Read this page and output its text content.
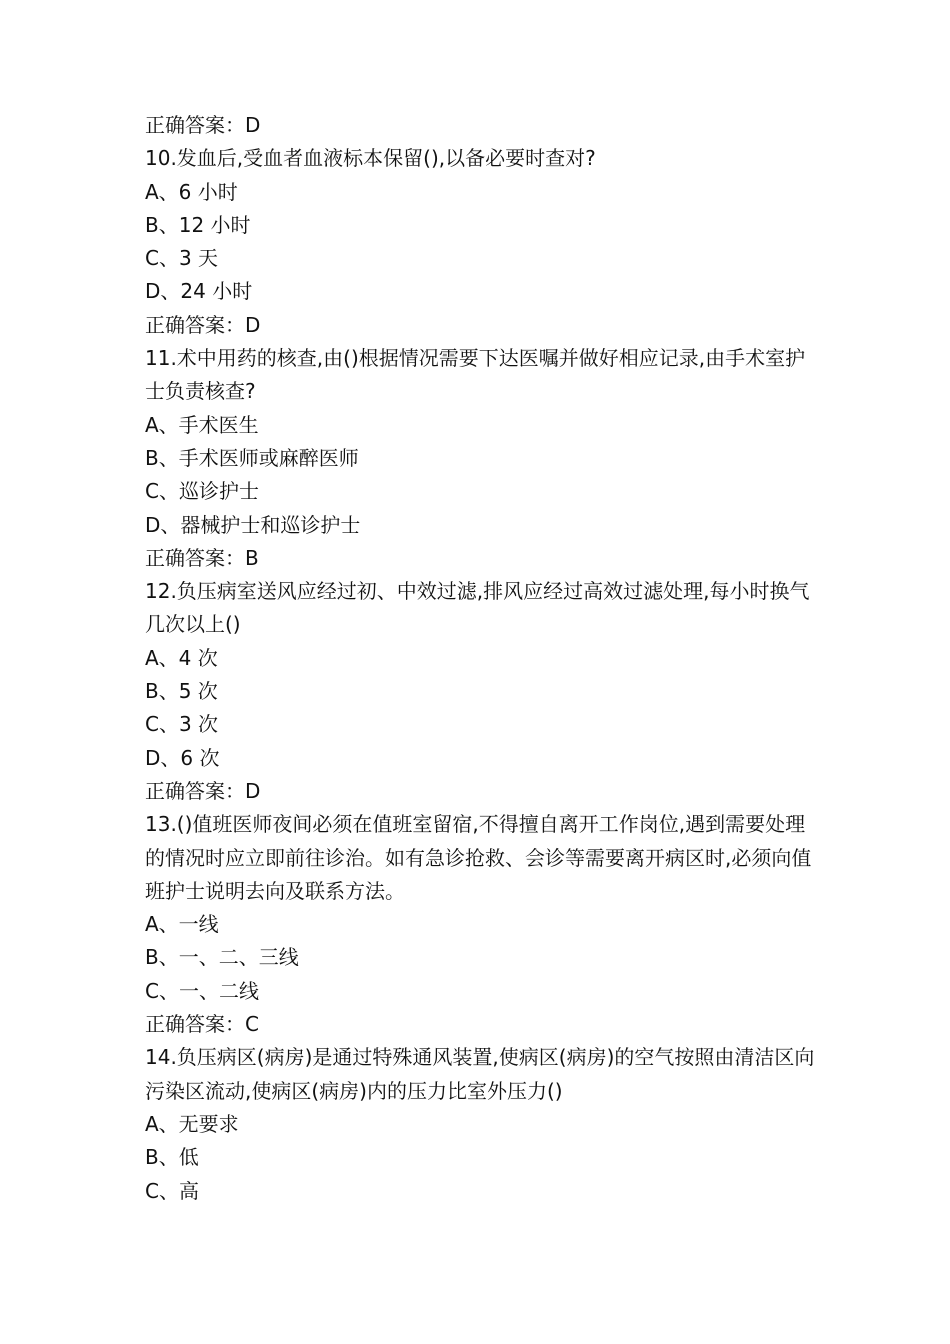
正确答案：D
10.发血后,受血者血液标本保留(),以备必要时查对?
A、6 小时
B、12 小时
C、3 天
D、24 小时
正确答案：D
11.术中用药的核查,由()根据情况需要下达医嘱并做好相应记录,由手术室护士负责核查?
A、手术医生
B、手术医师或麻醉医师
C、巡诊护士
D、器械护士和巡诊护士
正确答案：B
12.负压病室送风应经过初、中效过滤,排风应经过高效过滤处理,每小时换气几次以上()
A、4 次
B、5 次
C、3 次
D、6 次
正确答案：D
13.()值班医师夜间必须在值班室留宿,不得擅自离开工作岗位,遇到需要处理的情况时应立即前往诊治。如有急诊抢救、会诊等需要离开病区时,必须向值班护士说明去向及联系方法。
A、一线
B、一、二、三线
C、一、二线
正确答案：C
14.负压病区(病房)是通过特殊通风装置,使病区(病房)的空气按照由清洁区向污染区流动,使病区(病房)内的压力比室外压力()
A、无要求
B、低
C、高
